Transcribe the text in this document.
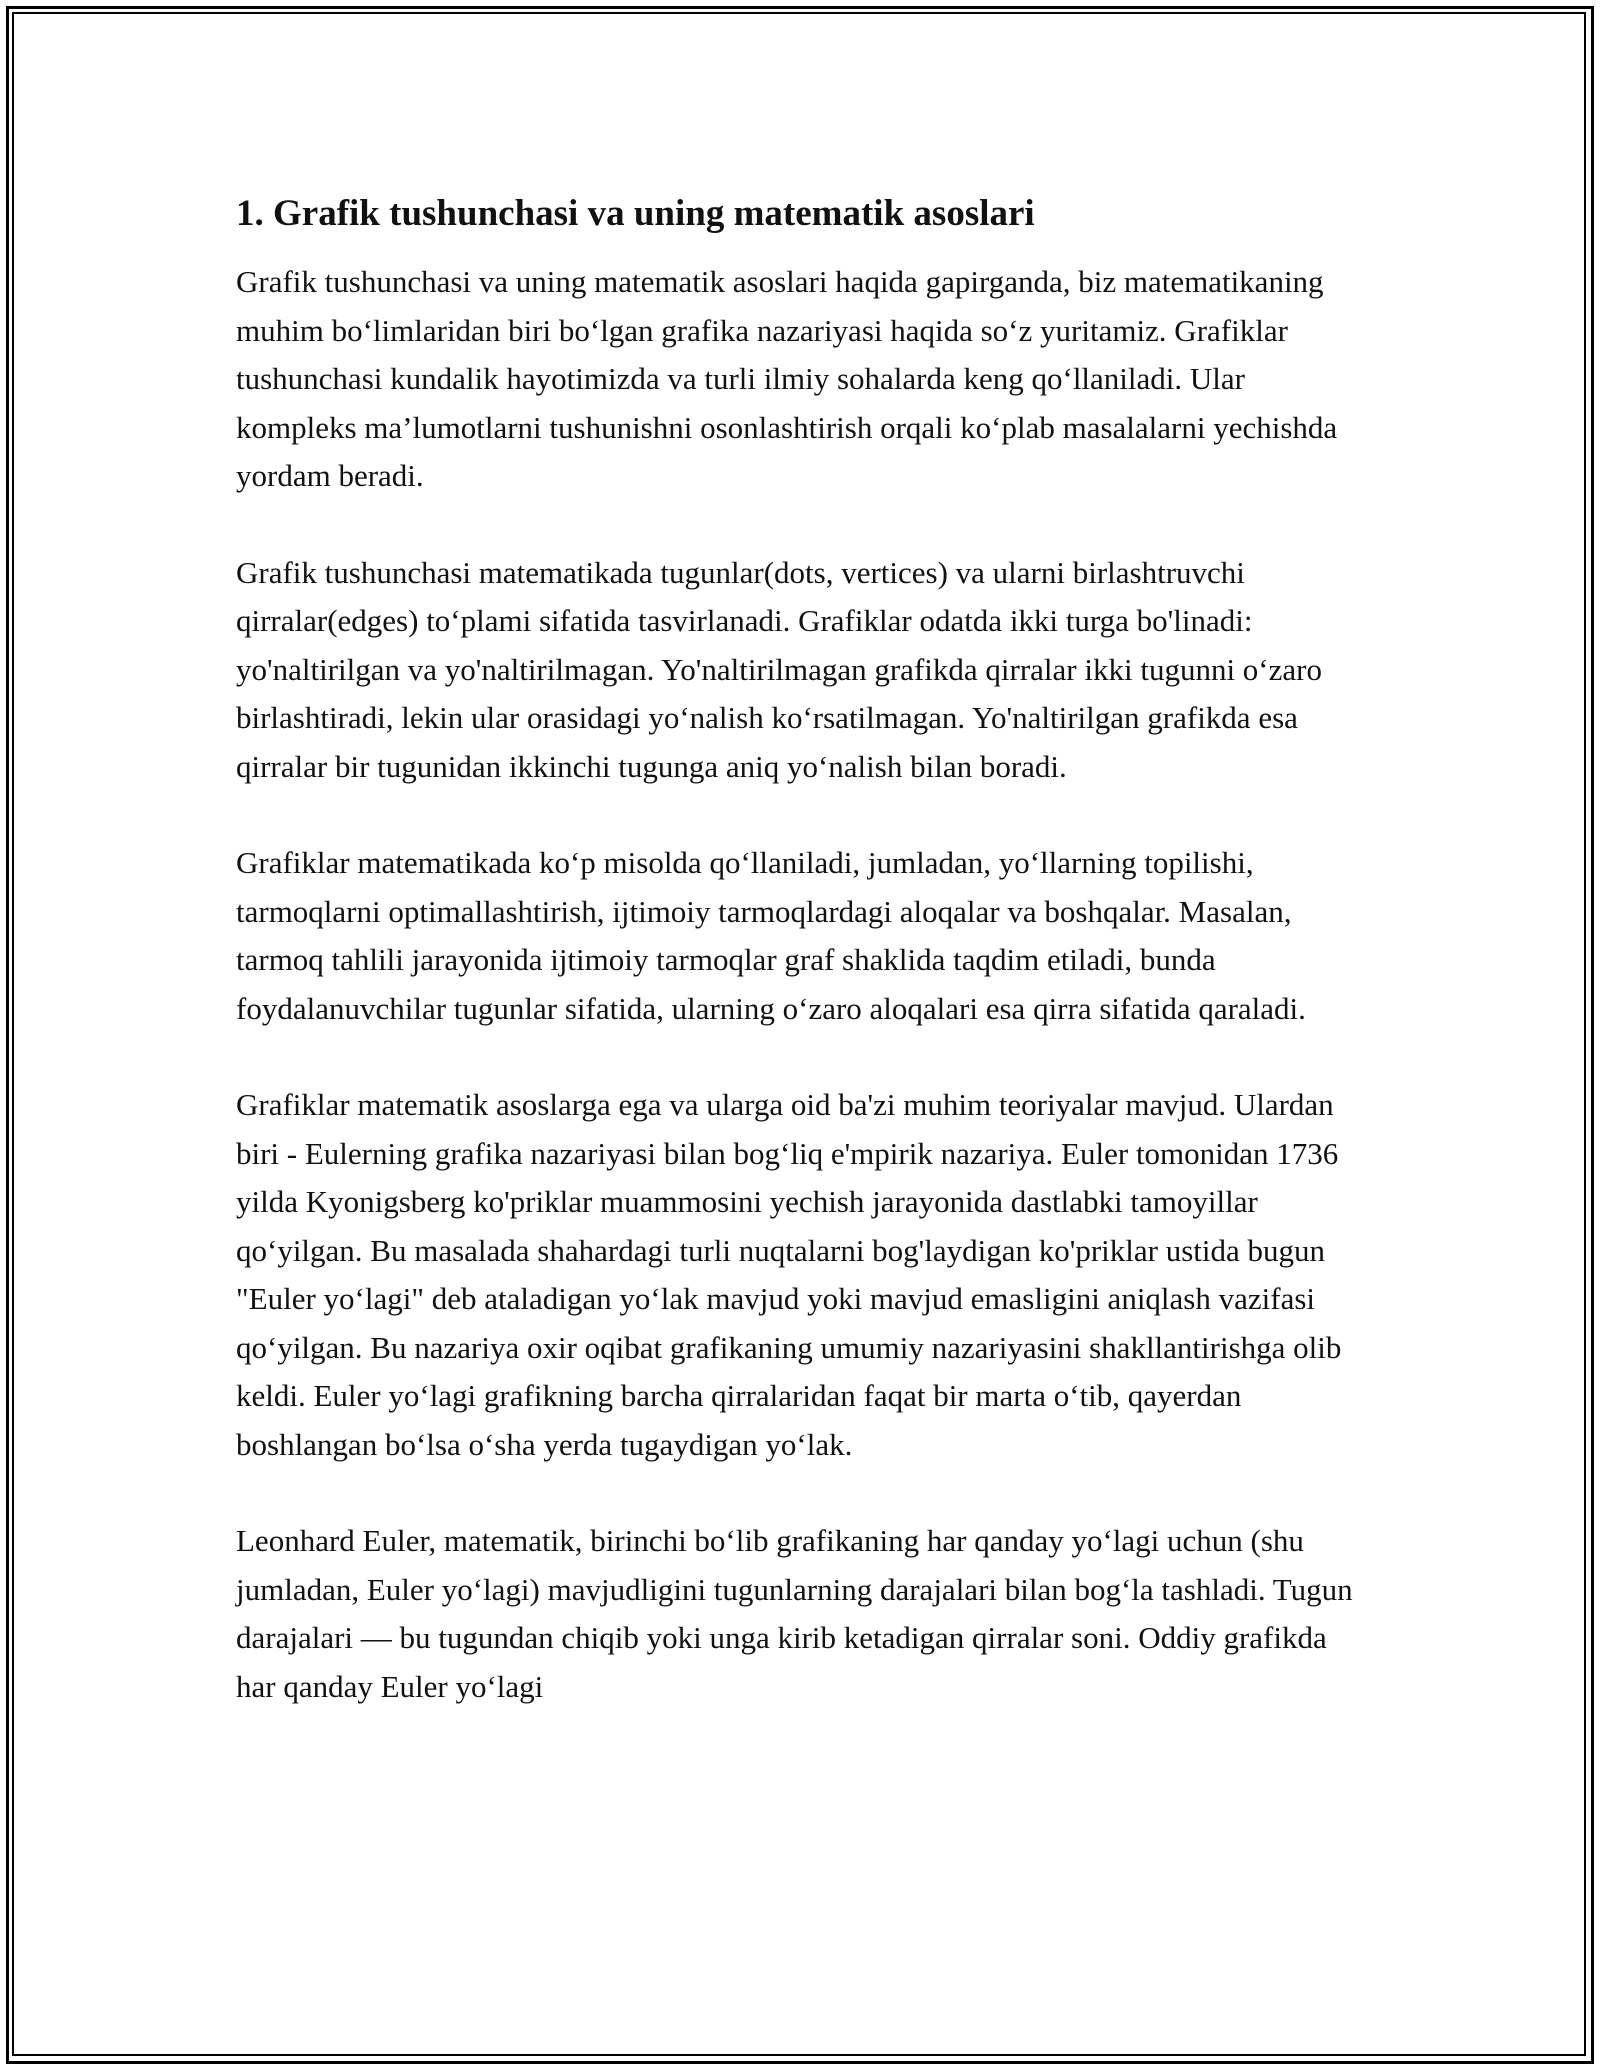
1. Grafik tushunchasi va uning matematik asoslari

Grafik tushunchasi va uning matematik asoslari haqida gapirganda, biz matematikaning muhim bo‘limlaridan biri bo‘lgan grafika nazariyasi haqida so‘z yuritamiz. Grafiklar tushunchasi kundalik hayotimizda va turli ilmiy sohalarda keng qo‘llaniladi. Ular kompleks ma’lumotlarni tushunishni osonlashtirish orqali ko‘plab masalalarni yechishda yordam beradi.

Grafik tushunchasi matematikada tugunlar(dots, vertices) va ularni birlashtruvchi qirralar(edges) to‘plami sifatida tasvirlanadi. Grafiklar odatda ikki turga bo'linadi: yo'naltirilgan va yo'naltirilmagan. Yo'naltirilmagan grafikda qirralar ikki tugunni o‘zaro birlashtiradi, lekin ular orasidagi yo‘nalish ko‘rsatilmagan. Yo'naltirilgan grafikda esa qirralar bir tugunidan ikkinchi tugunga aniq yo‘nalish bilan boradi.

Grafiklar matematikada ko‘p misolda qo‘llaniladi, jumladan, yo‘llarning topilishi, tarmoqlarni optimallashtirish, ijtimoiy tarmoqlardagi aloqalar va boshqalar. Masalan, tarmoq tahlili jarayonida ijtimoiy tarmoqlar graf shaklida taqdim etiladi, bunda foydalanuvchilar tugunlar sifatida, ularning o‘zaro aloqalari esa qirra sifatida qaraladi.

Grafiklar matematik asoslarga ega va ularga oid ba'zi muhim teoriyalar mavjud. Ulardan biri - Eulerning grafika nazariyasi bilan bog‘liq e'mpirik nazariya. Euler tomonidan 1736 yilda Kyonigsberg ko'priklar muammosini yechish jarayonida dastlabki tamoyillar qo‘yilgan. Bu masalada shahardagi turli nuqtalarni bog'laydigan ko'priklar ustida bugun "Euler yo‘lagi" deb ataladigan yo‘lak mavjud yoki mavjud emasligini aniqlash vazifasi qo‘yilgan. Bu nazariya oxir oqibat grafikaning umumiy nazariyasini shakllantirishga olib keldi. Euler yo‘lagi grafikning barcha qirralaridan faqat bir marta o‘tib, qayerdan boshlangan bo‘lsa o‘sha yerda tugaydigan yo‘lak.

Leonhard Euler, matematik, birinchi bo‘lib grafikaning har qanday yo‘lagi uchun (shu jumladan, Euler yo‘lagi) mavjudligini tugunlarning darajalari bilan bog‘la tashladi. Tugun darajalari — bu tugundan chiqib yoki unga kirib ketadigan qirralar soni. Oddiy grafikda har qanday Euler yo‘lagi
